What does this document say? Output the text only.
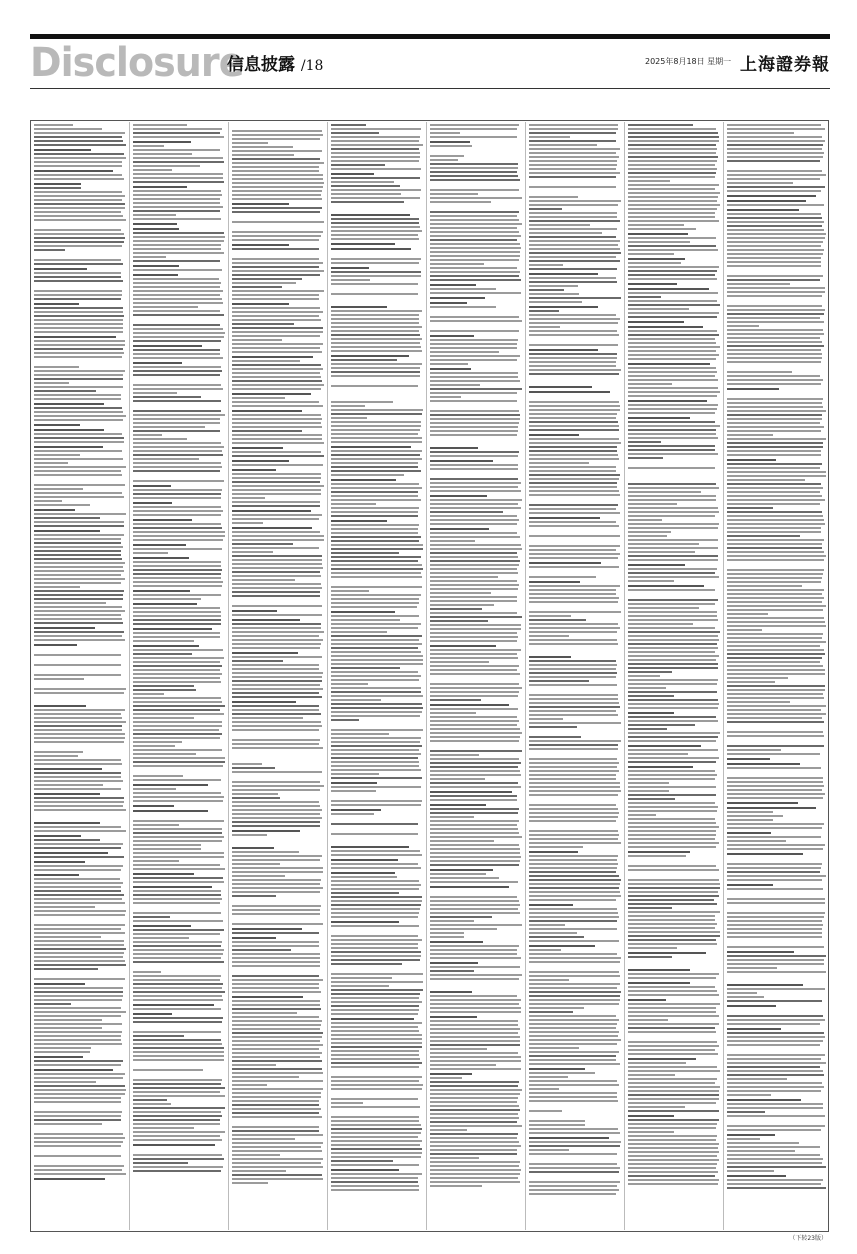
Disclosure
信息披露 /18	2025年8月18日 星期一 上海證券報
（下转23版）
